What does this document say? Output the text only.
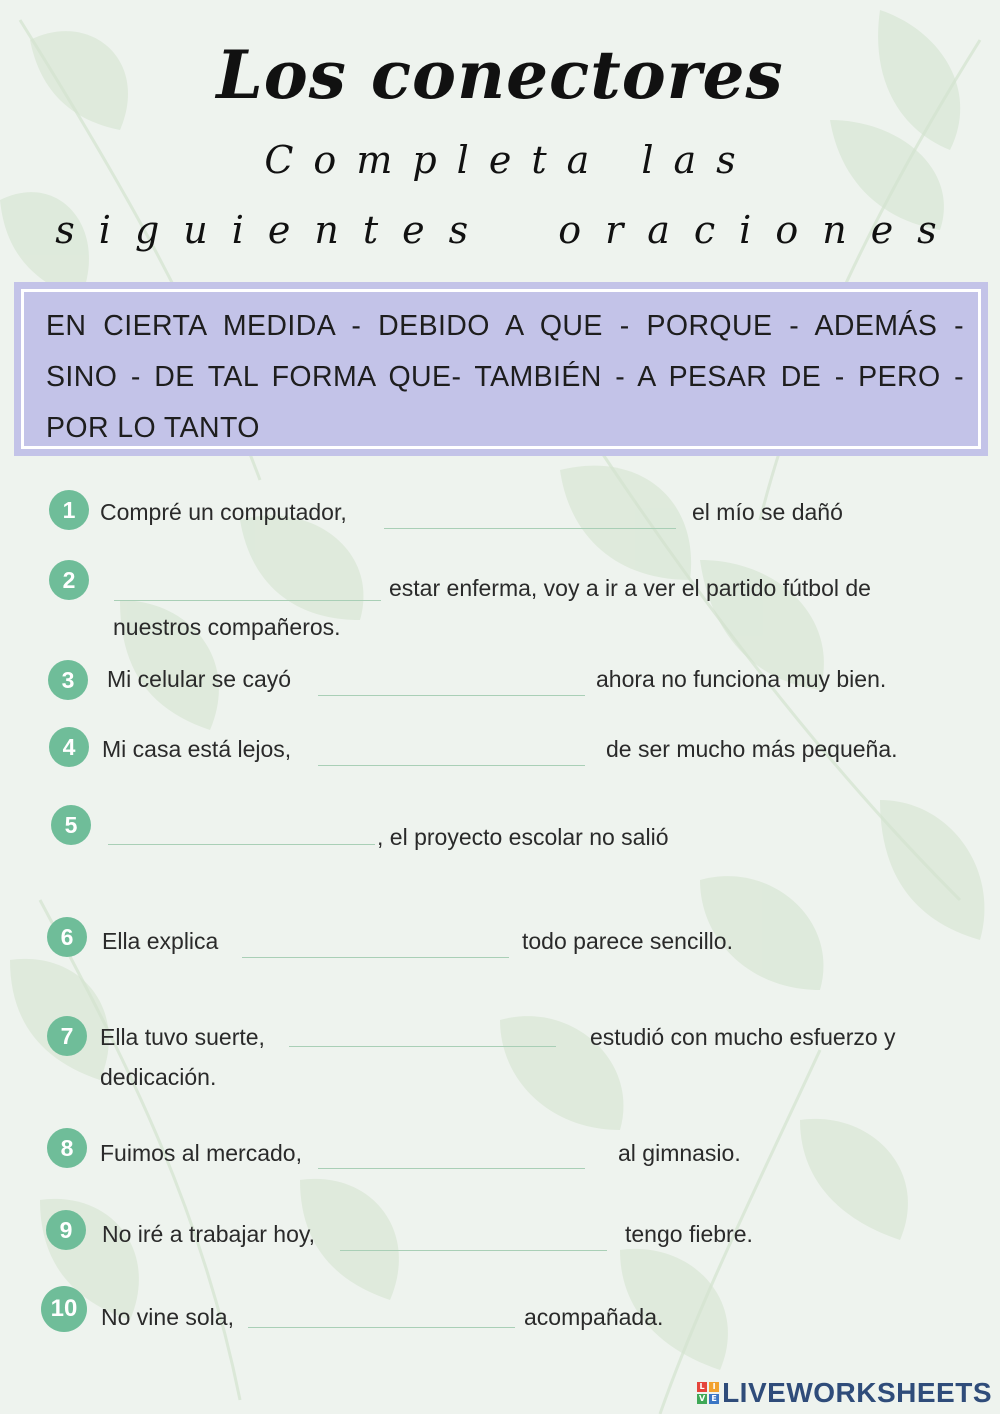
Los conectores
Completa las
siguientes oraciones
EN CIERTA MEDIDA - DEBIDO A QUE - PORQUE - ADEMÁS -
SINO - DE TAL FORMA QUE- TAMBIÉN - A PESAR DE - PERO -
POR LO TANTO
1	Compré un computador,	el mío se dañó
2	estar enferma, voy a ir a ver el partido fútbol de
nuestros compañeros.
3	Mi celular se cayó	ahora no funciona muy bien.
4	Mi casa está lejos,	de ser mucho más pequeña.
5	, el proyecto escolar no salió
6	Ella explica	todo parece sencillo.
7	Ella tuvo suerte,	estudió con mucho esfuerzo y
dedicación.
8	Fuimos al mercado,	al gimnasio.
9	No iré a trabajar hoy,	tengo fiebre.
10	No vine sola,	acompañada.
L I
V E LIVEWORKSHEETS
